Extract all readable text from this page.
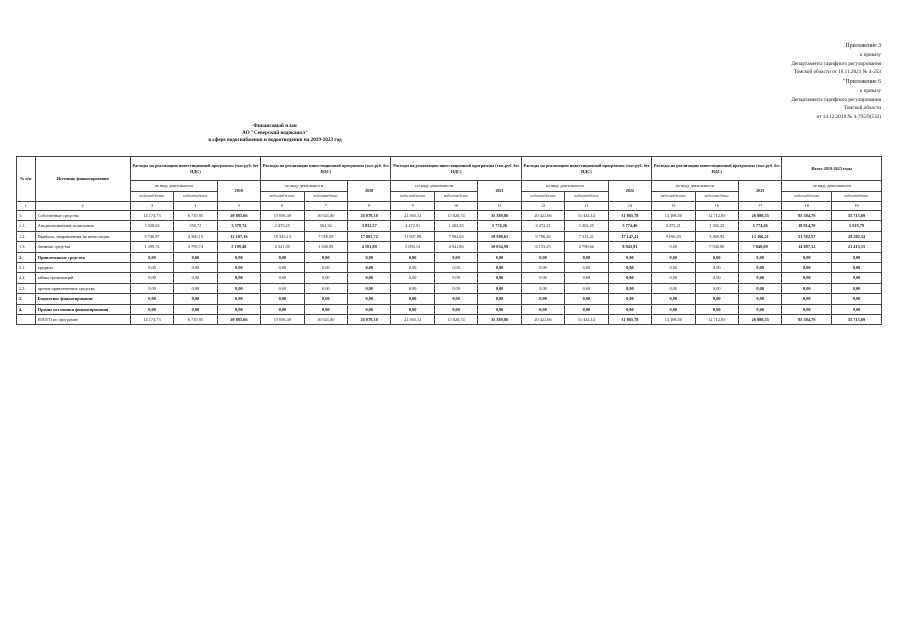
Приложение 3
к приказу
Департамента тарифного регулирования
Томской области от 10.11.2021 № 4-253
"Приложение 6
к приказу
Департамента тарифного регулирования
Томской области
от 14.12.2018 № 4-795/9(532)
Финансовый план
АО "Северский водоканал"
в сфере водоснабжения и водоотведения на 2019-2023 год
№ п/п	Источник финансирования	Расходы на реализацию инвестиционной программы (тыс.руб. без НДС)			Расходы на реализацию инвестиционной программы (тыс.руб. без НДС)			Расходы на реализацию инвестиционной программы (тыс.руб. без НДС)			Расходы на реализацию инвестиционной программы (тыс.руб. без НДС)			Расходы на реализацию инвестиционной программы (тыс.руб. без НДС)			Итого 2019-2023 годы	
		по виду деятельности		2019	по виду деятельности		2020	по виду деятельности		2021	по виду деятельности		2022	по виду деятельности		2023	по виду деятельности	
		водоснабжение	водоотведение		водоснабжение	водоотведение		водоснабжение	водоотведение		водоснабжение	водоотведение		водоснабжение	водоотведение		водоснабжение	водоотведение
1	2	3	4	5	6	7	8	9	10	11	12	13	14	15	16	17	18	19
1.	Собственные средства	14 174,73	6 710,95	20 885,66	15 056,38	10 021,80	25 078,18	21 563,12	13 826,74	35 389,86	20 421,66	11 444,12	31 865,78	14 168,50	12 712,05	26 880,55	85 384,79	55 715,69
1.1.	Амортизационные отчисления	3 028,02	550,72	3 578,74	2 470,25	562,32	3 032,57	4 472,01	1 302,25	5 774,26	4 472,21	1 302,25	5 774,46	4 472,21	1 302,25	5 774,46	18 914,70	5 019,79
1.2.	Прибыль, направленная на инвестиции	9 746,97	2 360,19	12 107,16	10 345,13	7 518,59	17 863,72	11 997,98	7 582,63	19 580,61	9 796,20	7 351,21	17 147,41	9 696,29	3 469,92	13 166,21	51 582,57	28 282,54
1.3.	Заемные средства	1 399,74	3 799,74	5 199,48	2 241,00	1 940,89	4 181,89	5 093,13	4 941,86	10 034,99	6 153,25	2 790,66	8 943,91	0,00	7 940,00	7 940,00	14 887,12	21 413,15
2.	Привлеченные средства	0,00	0,00	0,00	0,00	0,00	0,00	0,00	0,00	0,00	0,00	0,00	0,00	0,00	0,00	0,00	0,00	0,00
2.1.	кредиты	0,00	0,00	0,00	0,00	0,00	0,00	0,00	0,00	0,00	0,00	0,00	0,00	0,00	0,00	0,00	0,00	0,00
2.2.	займы организаций	0,00	0,00	0,00	0,00	0,00	0,00	0,00	0,00	0,00	0,00	0,00	0,00	0,00	0,00	0,00	0,00	0,00
2.3.	прочие привлеченные средства	0,00	0,00	0,00	0,00	0,00	0,00	0,00	0,00	0,00	0,00	0,00	0,00	0,00	0,00	0,00	0,00	0,00
3.	Бюджетное финансирование	0,00	0,00	0,00	0,00	0,00	0,00	0,00	0,00	0,00	0,00	0,00	0,00	0,00	0,00	0,00	0,00	0,00
4.	Прочие источники финансирования	0,00	0,00	0,00	0,00	0,00	0,00	0,00	0,00	0,00	0,00	0,00	0,00	0,00	0,00	0,00	0,00	0,00
	ИТОГО по программе	14 174,73	6 710,95	20 885,66	15 056,38	10 021,80	25 078,18	21 563,12	13 826,74	35 389,86	20 421,66	11 444,12	31 865,78	14 168,50	12 712,05	26 880,55	85 384,79	55 715,69
